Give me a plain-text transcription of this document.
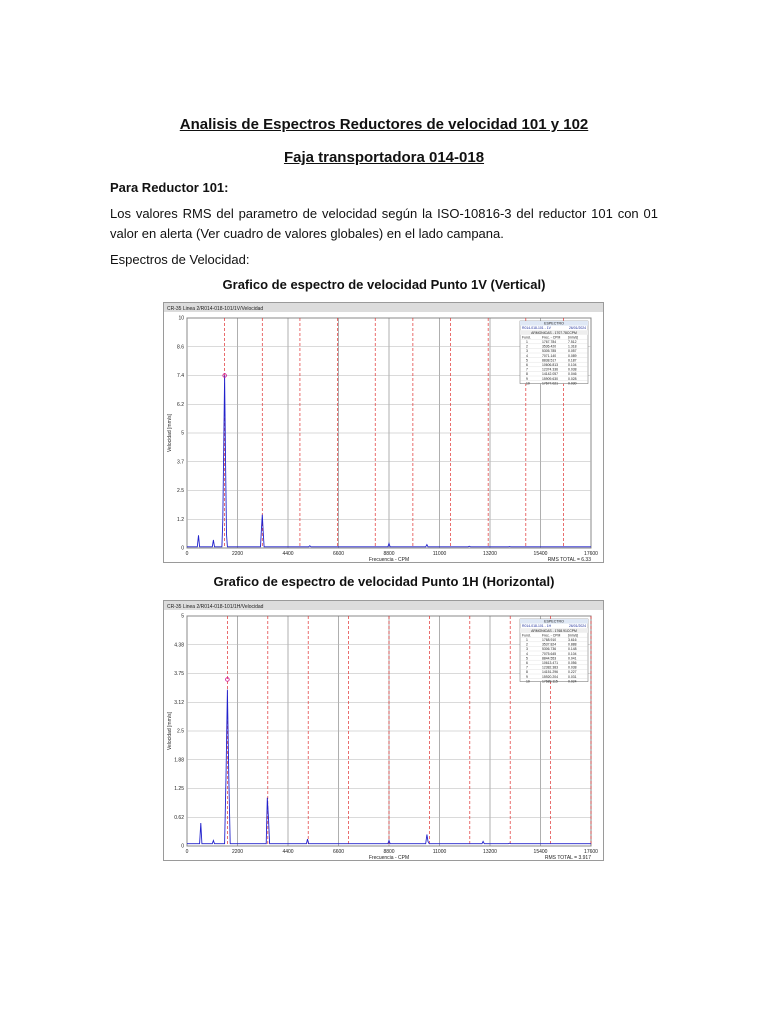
Analisis de Espectros Reductores de velocidad 101 y 102
Faja transportadora 014-018
Para Reductor 101:
Los valores RMS del parametro de velocidad según la ISO-10816-3 del reductor 101 con 01 valor en alerta (Ver cuadro de valores globales) en el lado campana.
Espectros de Velocidad:
Grafico de espectro de velocidad Punto 1V (Vertical)
CR-35 Linea 2/R014-018-101/1V/Velocidad
0	2200	4400	6600	8800	11000	13200	15400	17600
0
1.2
2.5
3.7
5
6.2
7.4
8.6
10
Frecuencia - CPM
Velocidad [mm/s]
RMS TOTAL = 6.33
ESPECTRO
R014-018-101 - 1V	26/01/2024
ARMONICAS - 1707.78CCPM
Fund.	Frec. - CPM [mm/s]
1	1767.784	7.512
2	3536.420	1.318
3	5305.785	0.057
4	7071.140	0.089
5	8838.517	0.187
6	10606.813	0.104
7	12374.336	0.038
8	14142.057	0.046
9	15909.630	0.028
10	17677.021	0.030
Grafico de espectro de velocidad Punto 1H (Horizontal)
CR-35 Linea 2/R014-018-101/1H/Velocidad
0	2200	4400	6600	8800	11000	13200	15400	17600
0
0.62
1.25
1.88
2.5
3.12
3.75
4.38
5
Frecuencia - CPM
Velocidad [mm/s]
RMS TOTAL = 3.917
ESPECTRO
R014-018-101 - 1H	26/01/2024
ARMONICAS - 1768.91CCPM
Fund.	Frec. - CPM [mm/s]
1	1768.910	3.616
2	3537.824	0.888
3	5306.736	0.148
4	7075.645	0.104
5	8844.553	0.041
6	10613.471	0.056
7	12382.383	0.038
8	14151.296	0.227
9	15920.204	0.031
10	17689.115	0.024
